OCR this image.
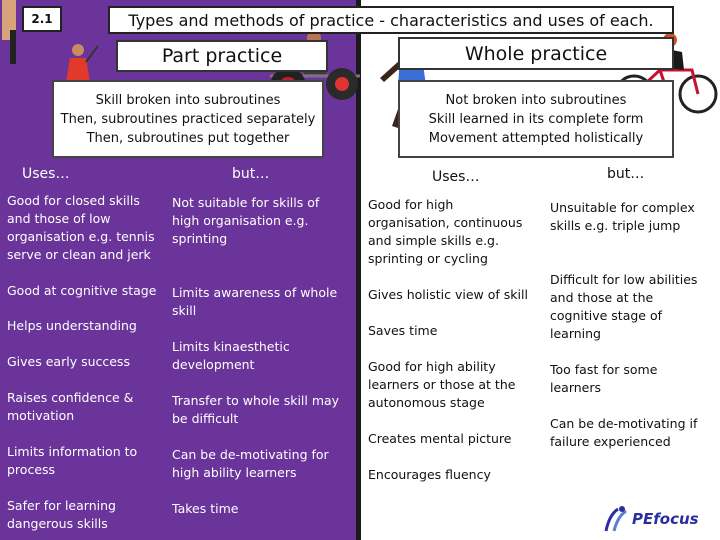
2.1	Types and methods of practice - characteristics and uses of each.
Part practice	Whole practice
Skill broken into subroutines
Then, subroutines practiced separately
Then, subroutines put together
Not broken into subroutines
Skill learned in its complete form
Movement attempted holistically
Uses…	but…	Uses…	but…
Good for closed skills and those of low organisation e.g. tennis serve or clean and jerk
Good at cognitive stage
Helps understanding
Gives early success
Raises confidence & motivation
Limits information to process
Safer for learning dangerous skills
Not suitable for skills of high organisation e.g. sprinting
Limits awareness of whole skill
Limits kinaesthetic development
Transfer to whole skill may be difficult
Can be de-motivating for high ability learners
Takes time
Good for high organisation, continuous and simple skills e.g. sprinting or cycling
Gives holistic view of skill
Saves time
Good for high ability learners or those at the autonomous stage
Creates mental picture
Encourages fluency
Unsuitable for complex skills e.g. triple jump
Difficult for low abilities and those at the cognitive stage of learning
Too fast for some learners
Can be de-motivating if failure experienced
PEfocus
